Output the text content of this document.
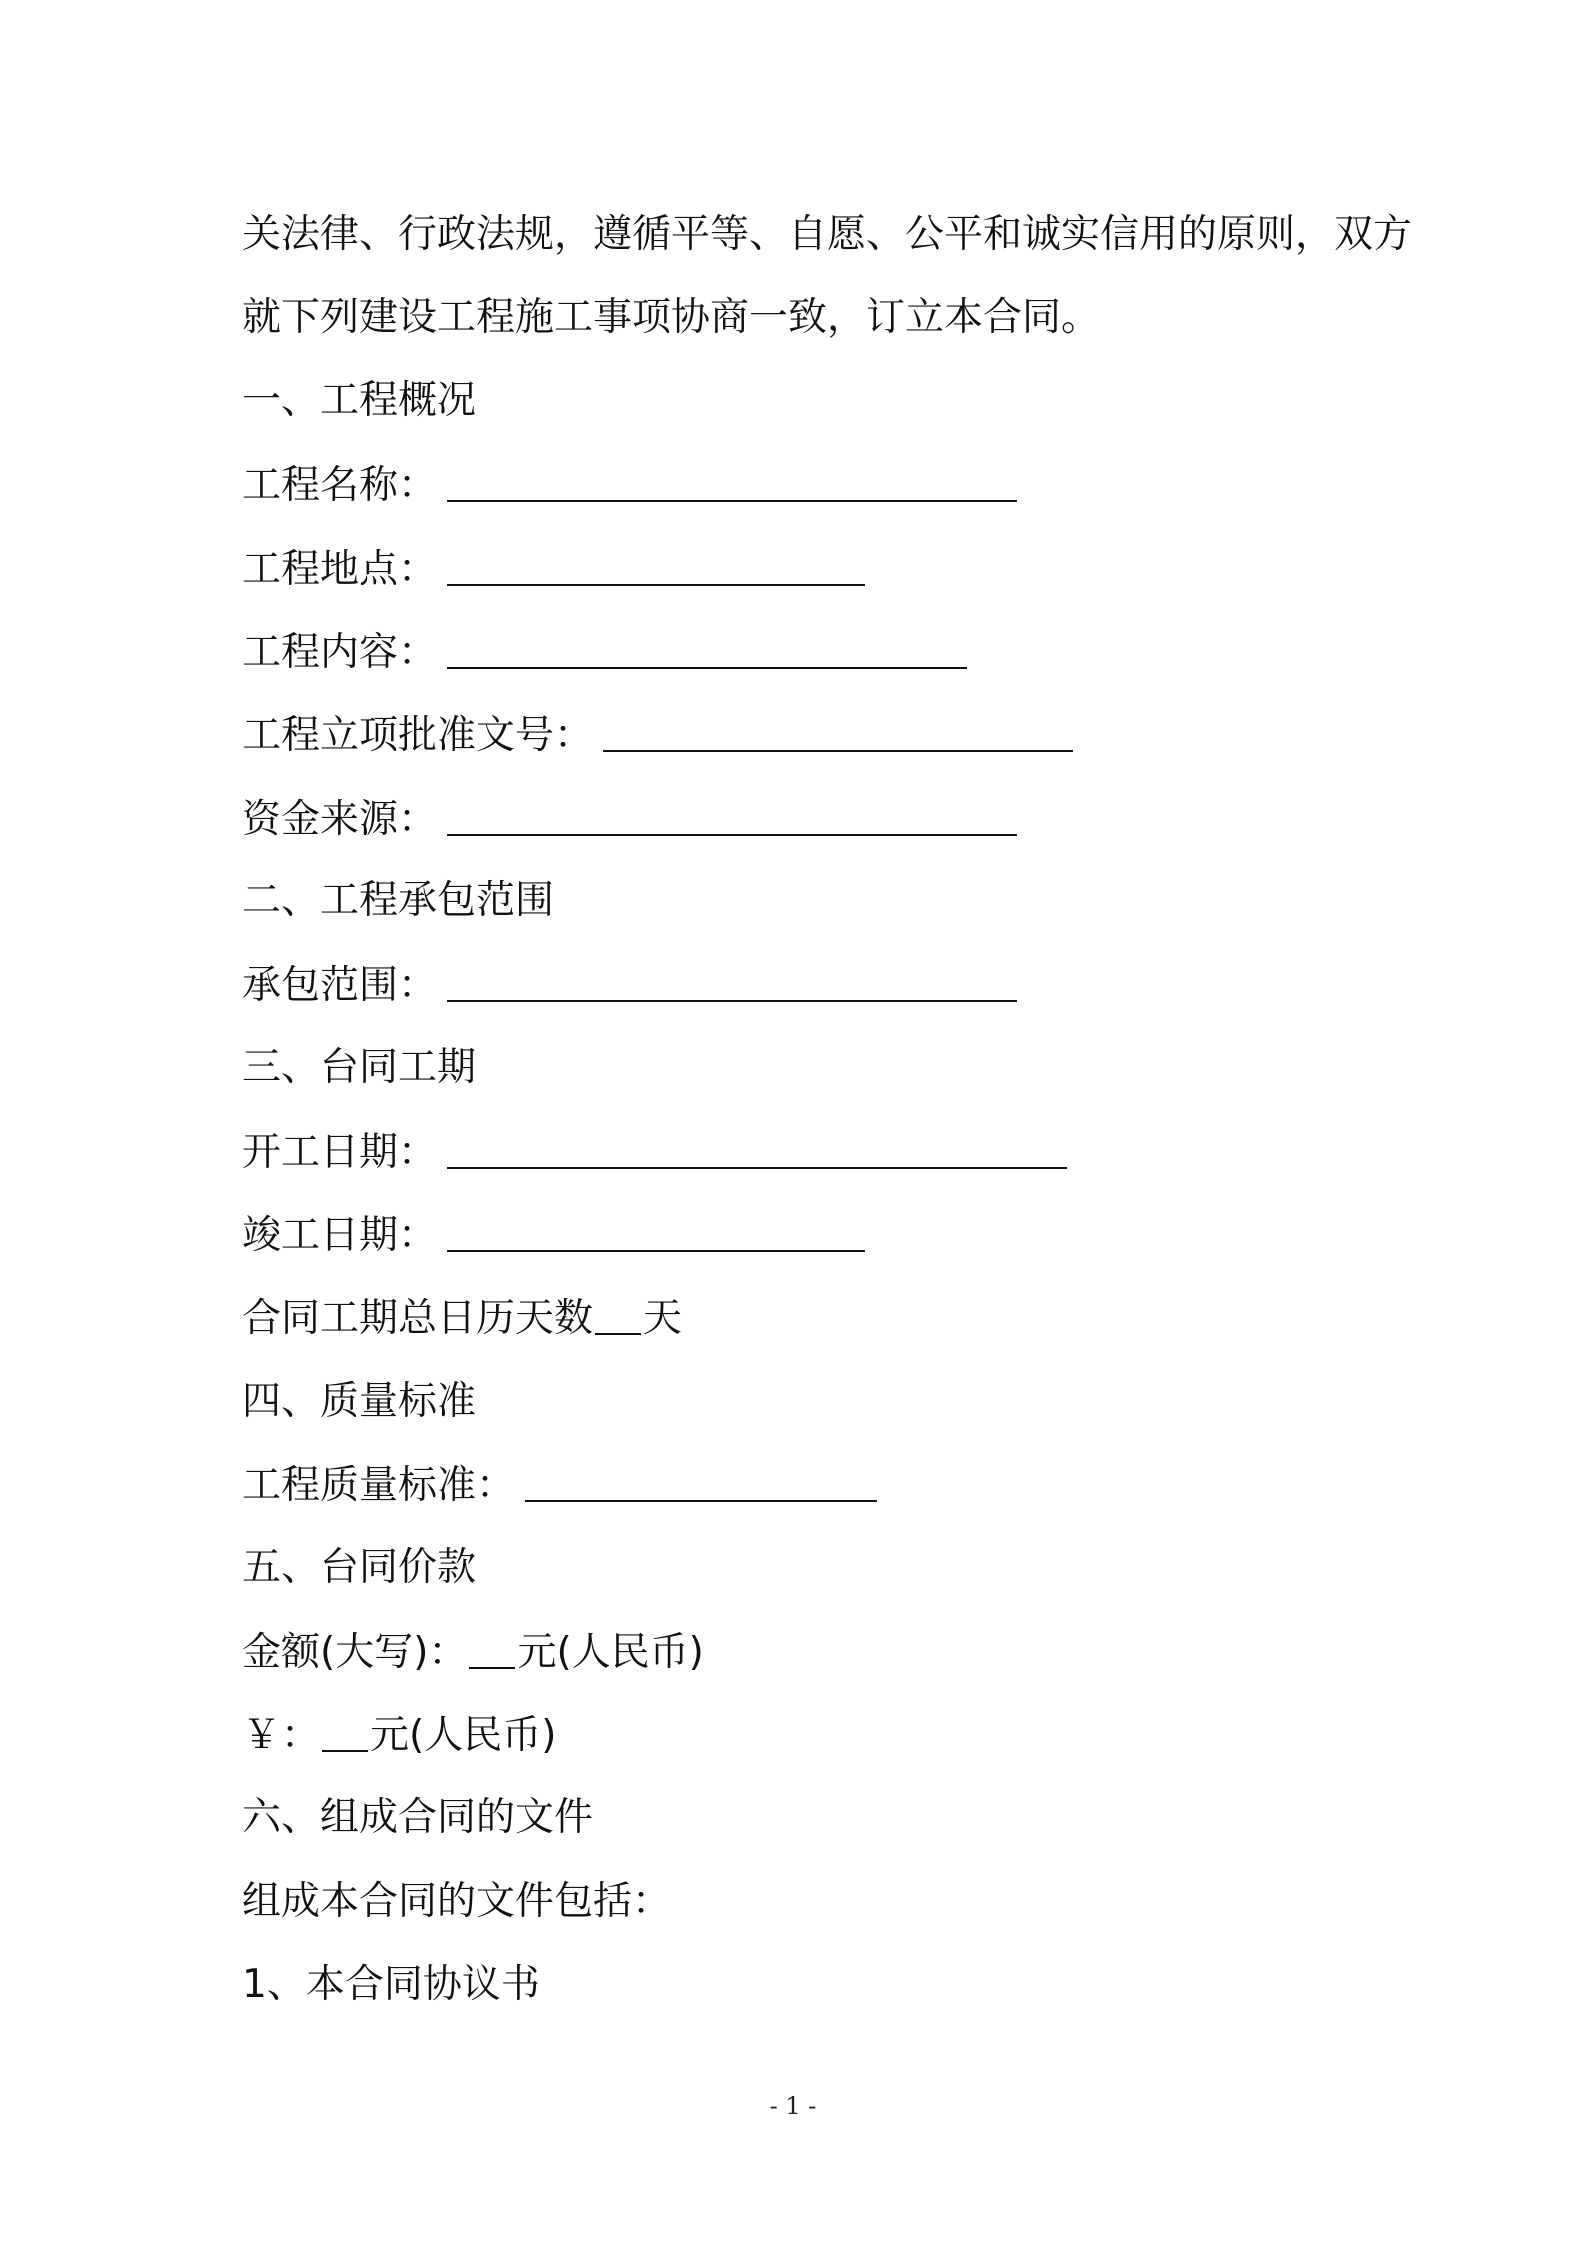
关法律、行政法规，遵循平等、自愿、公平和诚实信用的原则，双方
就下列建设工程施工事项协商一致，订立本合同。
一、工程概况
工程名称：
工程地点：
工程内容：
工程立项批准文号：
资金来源：
二、工程承包范围
承包范围：
三、台同工期
开工日期：
竣工日期：
合同工期总日历天数 天
四、质量标准
工程质量标准：
五、台同价款
金额(大写)： 元(人民币)
￥： 元(人民币)
六、组成合同的文件
组成本合同的文件包括：
1、本合同协议书
- 1 -
